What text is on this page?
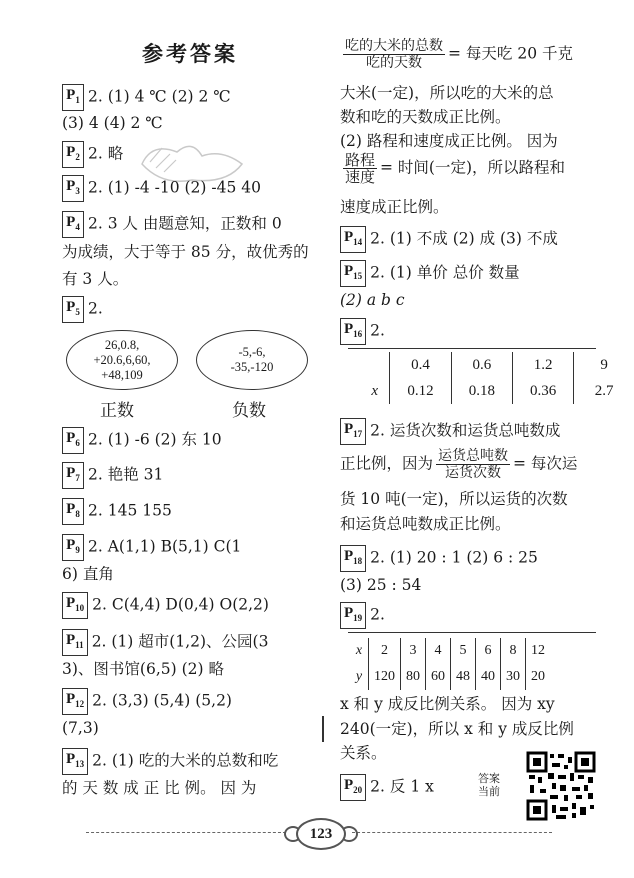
参考答案
$P_1$ 2. (1) 4 ℃ (2) 2 ℃
(3) 4 (4) 2 ℃
$P_2$ 2. 略
$P_3$ 2. (1) -4 -10 (2) -45 40
$P_4$ 2. 3 人 由题意知，正数和 0
为成绩，大于等于 85 分，故优秀的
有 3 人。
$P_5$ 2.
26,0.8,
+20.6,6,60,
+48,109
正数
-5,-6,
-35,-120
负数
$P_6$ 2. (1) -6 (2) 东 10
$P_7$ 2. 艳艳 31
$P_8$ 2. 145 155
$P_9$ 2. A(1,1) B(5,1) C(1
6) 直角
$P_{10}$ 2. C(4,4) D(0,4) O(2,2)
$P_{11}$ 2. (1) 超市(1,2)、公园(3
3)、图书馆(6,5) (2) 略
$P_{12}$ 2. (3,3) (5,4) (5,2)
(7,3)
$P_{13}$ 2. (1) 吃的大米的总数和吃
的 天 数 成 正 比 例。 因 为
$\frac{\text{吃的大米的总数}}{\text{吃的天数}}$ = 每天吃 20 千克
大米(一定)，所以吃的大米的总
数和吃的天数成正比例。
(2) 路程和速度成正比例。 因为
$\frac{\text{路程}}{\text{速度}}$ = 时间(一定)，所以路程和
速度成正比例。
$P_{14}$ 2. (1) 不成 (2) 成 (3) 不成
$P_{15}$ 2. (1) 单价 总价 数量
(2) a b c
$P_{16}$ 2.
	0.4	0.6	1.2	9
x	0.12	0.18	0.36	2.7
$P_{17}$ 2. 运货次数和运货总吨数成
正比例，因为 $\frac{\text{运货总吨数}}{\text{运货次数}}$ = 每次运
货 10 吨(一定)，所以运货的次数
和运货总吨数成正比例。
$P_{18}$ 2. (1) 20 : 1 (2) 6 : 25
(3) 25 : 54
$P_{19}$ 2.
x	2	3	4	5	6	8	12
y	120	80	60	48	40	30	20
x 和 y 成反比例关系。 因为 xy
240(一定)，所以 x 和 y 成反比例
关系。
$P_{20}$ 2. 反 1 x	答案
当前
123
